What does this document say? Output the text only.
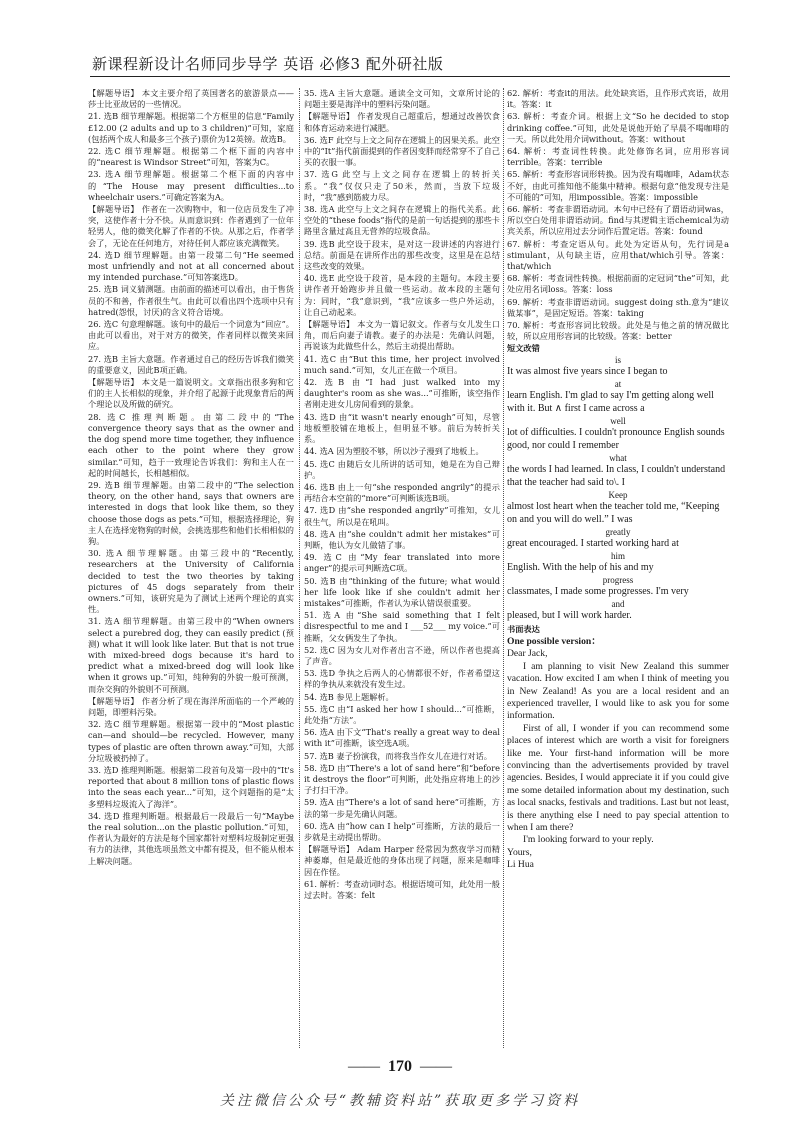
新课程新设计名师同步导学 英语 必修3 配外研社版

【解题导语】 本文主要介绍了英国著名的旅游景点——莎士比亚故居的一些情况。

21. 选B 细节理解题。根据第二个方框里的信息“Family £12.00 (2 adults and up to 3 children)”可知，家庭(包括两个成人和最多三个孩子)票价为12英镑。故选B。

22. 选C 细节理解题。根据第二个框下面的内容中的“nearest is Windsor Street”可知，答案为C。

23. 选A 细节理解题。根据第二个框下面的内容中的“The House may present difficulties...to wheelchair users.”可确定答案为A。

【解题导语】 作者在一次购物中，和一位店员发生了冲突，这使作者十分不快。从而意识到：作者遇到了一位年轻男人，他的微笑化解了作者的不快。从那之后，作者学会了，无论在任何地方，对待任何人都应该充满微笑。

24. 选D 细节理解题。由第一段第二句“He seemed most unfriendly and not at all concerned about my intended purchase.”可知答案选D。

25. 选B 词义猜测题。由前面的描述可以看出，由于售货员的不和善，作者很生气。由此可以看出四个选项中只有hatred(怨恨，讨厌)的含义符合语境。

26. 选C 句意理解题。该句中的最后一个词意为“回应”。由此可以看出，对于对方的微笑，作者同样以微笑来回应。

27. 选B 主旨大意题。作者通过自己的经历告诉我们微笑的重要意义，因此B项正确。

【解题导语】 本文是一篇说明文。文章指出很多狗和它们的主人长相似的现象，并介绍了起源于此现象背后的两个理论以及所做的研究。

28. 选C 推理判断题。由第二段中的“The convergence theory says that as the owner and the dog spend more time together, they influence each other to the point where they grow similar.”可知，趋于一致理论告诉我们：狗和主人在一起的时间越长，长相越相似。

29. 选B 细节理解题。由第二段中的“The selection theory, on the other hand, says that owners are interested in dogs that look like them, so they choose those dogs as pets.”可知，根据选择理论，狗主人在选择宠物狗的时候，会挑选那些和他们长相相似的狗。

30. 选A 细节理解题。由第三段中的“Recently, researchers at the University of California decided to test the two theories by taking pictures of 45 dogs separately from their owners.”可知，该研究是为了测试上述两个理论的真实性。

31. 选A 细节理解题。由第三段中的“When owners select a purebred dog, they can easily predict (预测) what it will look like later. But that is not true with mixed-breed dogs because it's hard to predict what a mixed-breed dog will look like when it grows up.”可知，纯种狗的外貌一般可预测，而杂交狗的外貌则不可预测。

【解题导语】 作者分析了现在海洋所面临的一个严峻的问题，即塑料污染。

32. 选C 细节理解题。根据第一段中的“Most plastic can—and should—be recycled. However, many types of plastic are often thrown away.”可知，大部分垃圾被扔掉了。

33. 选D 推理判断题。根据第二段首句及第一段中的“It's reported that about 8 million tons of plastic flows into the seas each year...”可知，这个问题指的是“太多塑料垃圾流入了海洋”。

34. 选D 推理判断题。根据最后一段最后一句“Maybe the real solution...on the plastic pollution.”可知，作者认为最好的方法是每个国家都针对塑料垃圾制定更强有力的法律，其他选项虽然文中都有提及，但不能从根本上解决问题。

35. 选A 主旨大意题。通读全文可知，文章所讨论的问题主要是海洋中的塑料污染问题。

【解题导语】 作者发现自己超重后，想通过改善饮食和体育运动来进行减肥。

36. 选F 此空与上文之间存在逻辑上的因果关系。此空中的“It”指代前面提到的作者因变胖而经常穿不了自己买的衣服一事。

37. 选G 此空与上文之间存在逻辑上的转折关系。“我”仅仅只走了50米，然而，当放下垃圾时，“我”感到筋疲力尽。

38. 选A 此空与上文之间存在逻辑上的指代关系。此空处的“these foods”指代的是前一句话提到的那些卡路里含量过高且无营养的垃圾食品。

39. 选B 此空设于段末，是对这一段讲述的内容进行总结。前面是在讲所作出的那些改变，这里是在总结这些改变的效果。

40. 选E 此空设于段首，是本段的主题句。本段主要讲作者开始跑步并且做一些运动。故本段的主题句为：同时，“我”意识到，“我”应该多一些户外运动，让自己动起来。

【解题导语】 本文为一篇记叙文。作者与女儿发生口角，而后向妻子请教。妻子的办法是：先确认问题，再说该为此做些什么，然后主动提出帮助。

41. 选C 由“But this time, her project involved much sand.”可知，女儿正在做一个项目。

42. 选B 由“I had just walked into my daughter's room as she was...”可推断，该空指作者刚走进女儿房间看到的景象。

43. 选D 由“it wasn't nearly enough”可知，尽管地板塑胶铺在地板上，但明显不够。前后为转折关系。

44. 选A 因为塑胶不够，所以沙子漫到了地板上。

45. 选C 由随后女儿所讲的话可知，她是在为自己辩护。

46. 选B 由上一句“she responded angrily”的提示再结合本空前的“more”可判断该选B项。

47. 选D 由“she responded angrily”可推知，女儿很生气，所以是在吼叫。

48. 选A 由“she couldn't admit her mistakes”可判断，他认为女儿做错了事。

49. 选C 由“My fear translated into more anger”的提示可判断选C项。

50. 选B 由“thinking of the future; what would her life look like if she couldn't admit her mistakes”可推断，作者认为承认错误很重要。

51. 选A 由“She said something that I felt disrespectful to me and I ___52___ my voice.”可推断，父女俩发生了争执。

52. 选C 因为女儿对作者出言不逊，所以作者也提高了声音。

53. 选D 争执之后两人的心情都很不好，作者希望这样的争执从来就没有发生过。

54. 选B 参见上题解析。

55. 选C 由“I asked her how I should...”可推断，此处指“方法”。

56. 选A 由下文“That's really a great way to deal with it”可推断，该空选A项。

57. 选B 妻子扮演我，而将我当作女儿在进行对话。

58. 选D 由“There's a lot of sand here”和“before it destroys the floor”可判断，此处指应将地上的沙子打扫干净。

59. 选A 由“There's a lot of sand here”可推断，方法的第一步是先确认问题。

60. 选A 由“how can I help”可推断，方法的最后一步就是主动提出帮助。

【解题导语】 Adam Harper 经常因为熬夜学习而精神萎靡，但是最近他的身体出现了问题，原来是咖啡因在作怪。

61. 解析：考查动词时态。根据语境可知，此处用一般过去时。答案：felt

62. 解析：考查it的用法。此处缺宾语，且作形式宾语，故用it。答案：it

63. 解析：考查介词。根据上文“So he decided to stop drinking coffee.”可知，此处是说他开始了早晨不喝咖啡的一天。所以此处用介词without。答案：without

64. 解析：考查词性转换。此处修饰名词，应用形容词terrible。答案：terrible

65. 解析：考查形容词形转换。因为没有喝咖啡，Adam状态不好，由此可推知他不能集中精神。根据句意“他发现专注是不可能的”可知，用impossible。答案：impossible

66. 解析：考查非谓语动词。本句中已经有了谓语动词was，所以空白处用非谓语动词。find与其逻辑主语chemical为动宾关系，所以应用过去分词作后置定语。答案：found

67. 解析：考查定语从句。此处为定语从句，先行词是a stimulant，从句缺主语，应用that/which引导。答案：that/which

68. 解析：考查词性转换。根据前面的定冠词“the”可知，此处应用名词loss。答案：loss

69. 解析：考查非谓语动词。suggest doing sth.意为“建议做某事”，是固定短语。答案：taking

70. 解析：考查形容词比较级。此处是与他之前的情况做比较，所以应用形容词的比较级。答案：better

短文改错
is
It was almost five years since I began to
at
learn English. I'm glad to say I'm getting along well with it. But ∧ first I came across a
well
lot of difficulties. I couldn't pronounce English sounds good, nor could I remember
what
the words I had learned. In class, I couldn't understand that the teacher had said to\. I
Keep
almost lost heart when the teacher told me, “Keeping on and you will do well.” I was
greatly
great encouraged. I started working hard at
him
English. With the help of his and my
progress
classmates, I made some progresses. I'm very
and
pleased, but I will work harder.
书面表达

One possible version：

Dear Jack,

I am planning to visit New Zealand this summer vacation. How excited I am when I think of meeting you in New Zealand! As you are a local resident and an experienced traveller, I would like to ask you for some information.

First of all, I wonder if you can recommend some places of interest which are worth a visit for foreigners like me. Your first-hand information will be more convincing than the advertisements provided by travel agencies. Besides, I would appreciate it if you could give me some detailed information about my destination, such as local snacks, festivals and traditions. Last but not least, is there anything else I need to pay special attention to when I am there?

I'm looking forward to your reply.

Yours,

Li Hua

—— 170 ——
关注微信公众号“教辅资料站”获取更多学习资料
